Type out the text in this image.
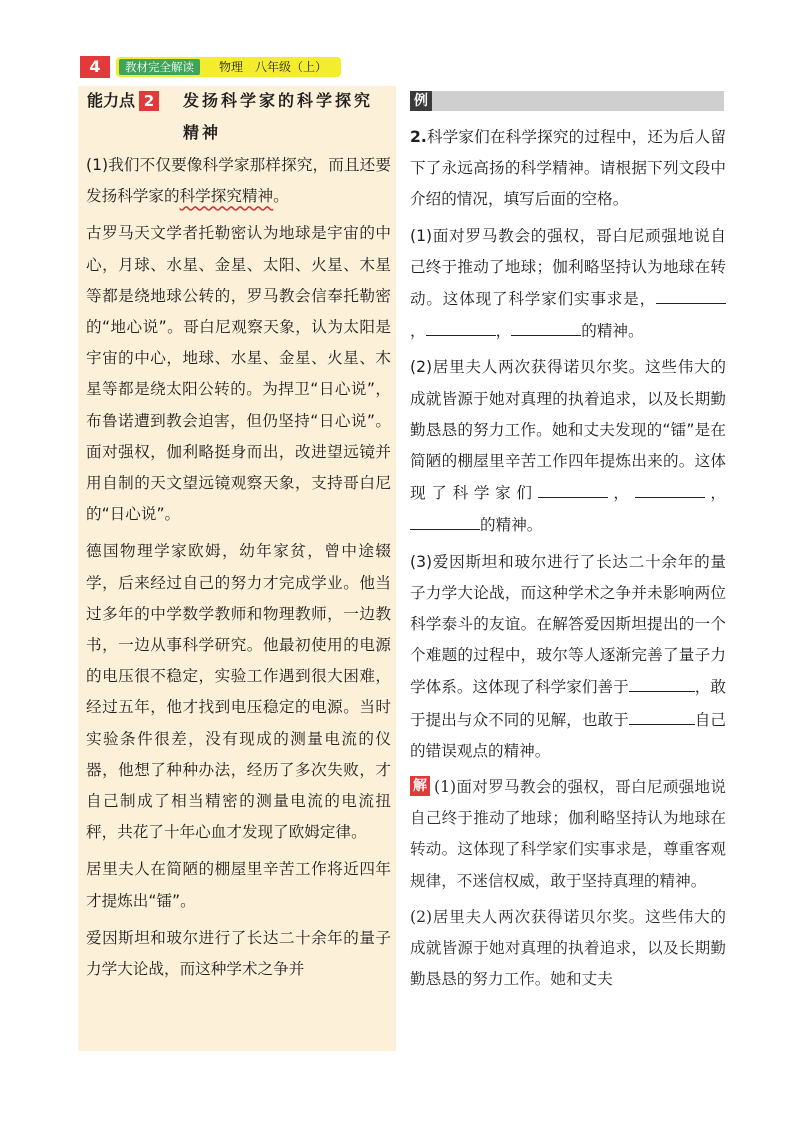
4	教材完全解读	物理　八年级（上）
能力点 2	发扬科学家的科学探究
精神

(1)我们不仅要像科学家那样探究，而且还要发扬科学家的科学探究精神。

古罗马天文学者托勒密认为地球是宇宙的中心，月球、水星、金星、太阳、火星、木星等都是绕地球公转的，罗马教会信奉托勒密的“地心说”。哥白尼观察天象，认为太阳是宇宙的中心，地球、水星、金星、火星、木星等都是绕太阳公转的。为捍卫“日心说”，布鲁诺遭到教会迫害，但仍坚持“日心说”。面对强权，伽利略挺身而出，改进望远镜并用自制的天文望远镜观察天象，支持哥白尼的“日心说”。

德国物理学家欧姆，幼年家贫，曾中途辍学，后来经过自己的努力才完成学业。他当过多年的中学数学教师和物理教师，一边教书，一边从事科学研究。他最初使用的电源的电压很不稳定，实验工作遇到很大困难，经过五年，他才找到电压稳定的电源。当时实验条件很差，没有现成的测量电流的仪器，他想了种种办法，经历了多次失败，才自己制成了相当精密的测量电流的电流扭秤，共花了十年心血才发现了欧姆定律。

居里夫人在简陋的棚屋里辛苦工作将近四年才提炼出“镭”。

爱因斯坦和玻尔进行了长达二十余年的量子力学大论战，而这种学术之争并

例

2.科学家们在科学探究的过程中，还为后人留下了永远高扬的科学精神。请根据下列文段中介绍的情况，填写后面的空格。

(1)面对罗马教会的强权，哥白尼顽强地说自己终于推动了地球；伽利略坚持认为地球在转动。这体现了科学家们实事求是，，	，	的精神。

(2)居里夫人两次获得诺贝尔奖。这些伟大的成就皆源于她对真理的执着追求，以及长期勤勤恳恳的努力工作。她和丈夫发现的“镭”是在简陋的棚屋里辛苦工作四年提炼出来的。这体现了科学家们	，	，的精神。

(3)爱因斯坦和玻尔进行了长达二十余年的量子力学大论战，而这种学术之争并未影响两位科学泰斗的友谊。在解答爱因斯坦提出的一个个难题的过程中，玻尔等人逐渐完善了量子力学体系。这体现了科学家们善于	，敢于提出与众不同的见解，也敢于	自己的错误观点的精神。

解 (1)面对罗马教会的强权，哥白尼顽强地说自己终于推动了地球；伽利略坚持认为地球在转动。这体现了科学家们实事求是，尊重客观规律，不迷信权威，敢于坚持真理的精神。

(2)居里夫人两次获得诺贝尔奖。这些伟大的成就皆源于她对真理的执着追求，以及长期勤勤恳恳的努力工作。她和丈夫
